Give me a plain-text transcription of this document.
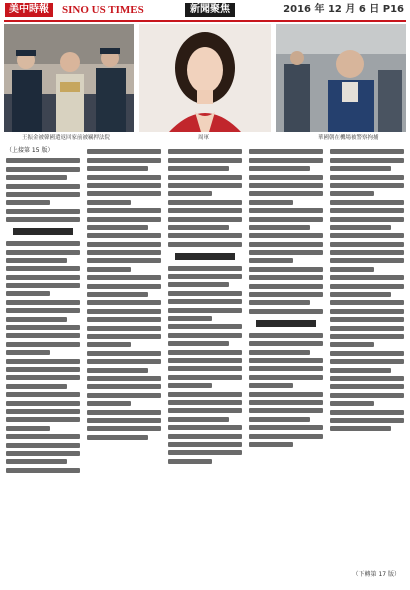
美中時報	SINO US TIMES	新聞聚焦	2016 年 12 月 6 日 P16
王振金被韓國遣返回家前被羈押法院	周軍	華國朝在機場被警察拘捕
（上接第 15 版）
（下轉第 17 版）
